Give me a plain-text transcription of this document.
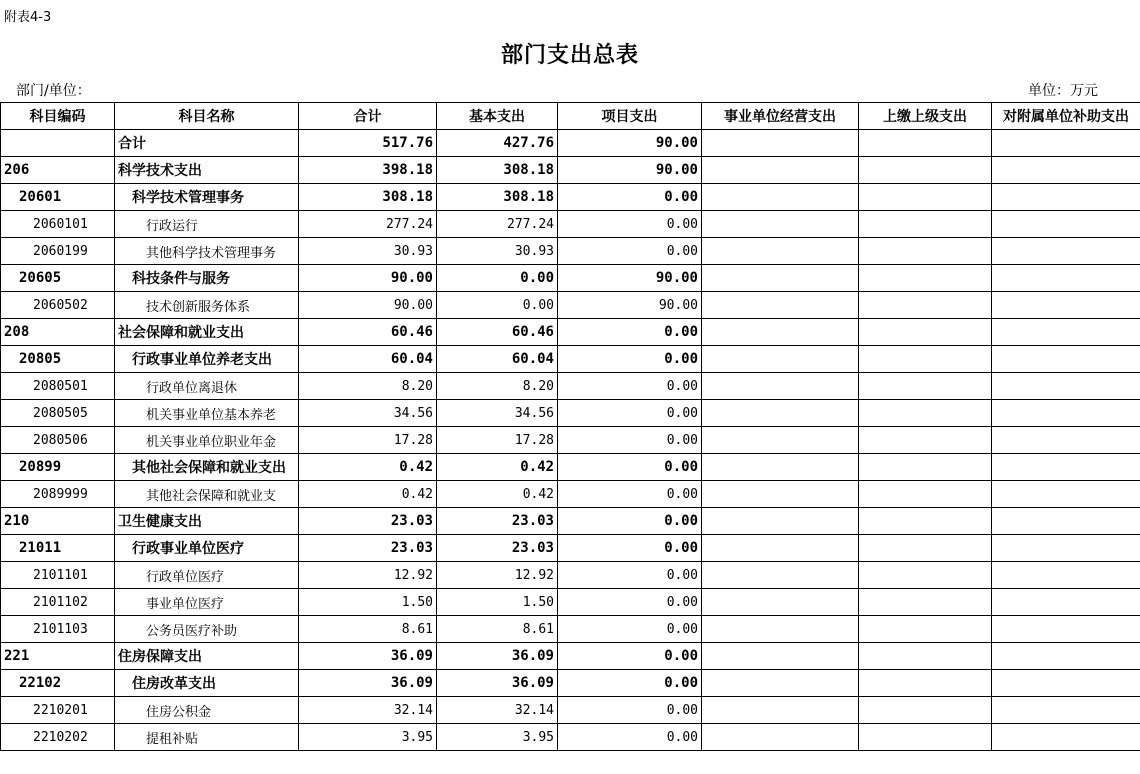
附表4-3
部门支出总表
部门/单位：	单位：万元
科目编码	科目名称	合计	基本支出	项目支出	事业单位经营支出	上缴上级支出	对附属单位补助支出
	合计	517.76	427.76	90.00			
206	科学技术支出	398.18	308.18	90.00			
20601	科学技术管理事务	308.18	308.18	0.00			
2060101	行政运行	277.24	277.24	0.00			
2060199	其他科学技术管理事务	30.93	30.93	0.00			
20605	科技条件与服务	90.00	0.00	90.00			
2060502	技术创新服务体系	90.00	0.00	90.00			
208	社会保障和就业支出	60.46	60.46	0.00			
20805	行政事业单位养老支出	60.04	60.04	0.00			
2080501	行政单位离退休	8.20	8.20	0.00			
2080505	机关事业单位基本养老	34.56	34.56	0.00			
2080506	机关事业单位职业年金	17.28	17.28	0.00			
20899	其他社会保障和就业支出	0.42	0.42	0.00			
2089999	其他社会保障和就业支	0.42	0.42	0.00			
210	卫生健康支出	23.03	23.03	0.00			
21011	行政事业单位医疗	23.03	23.03	0.00			
2101101	行政单位医疗	12.92	12.92	0.00			
2101102	事业单位医疗	1.50	1.50	0.00			
2101103	公务员医疗补助	8.61	8.61	0.00			
221	住房保障支出	36.09	36.09	0.00			
22102	住房改革支出	36.09	36.09	0.00			
2210201	住房公积金	32.14	32.14	0.00			
2210202	提租补贴	3.95	3.95	0.00			
